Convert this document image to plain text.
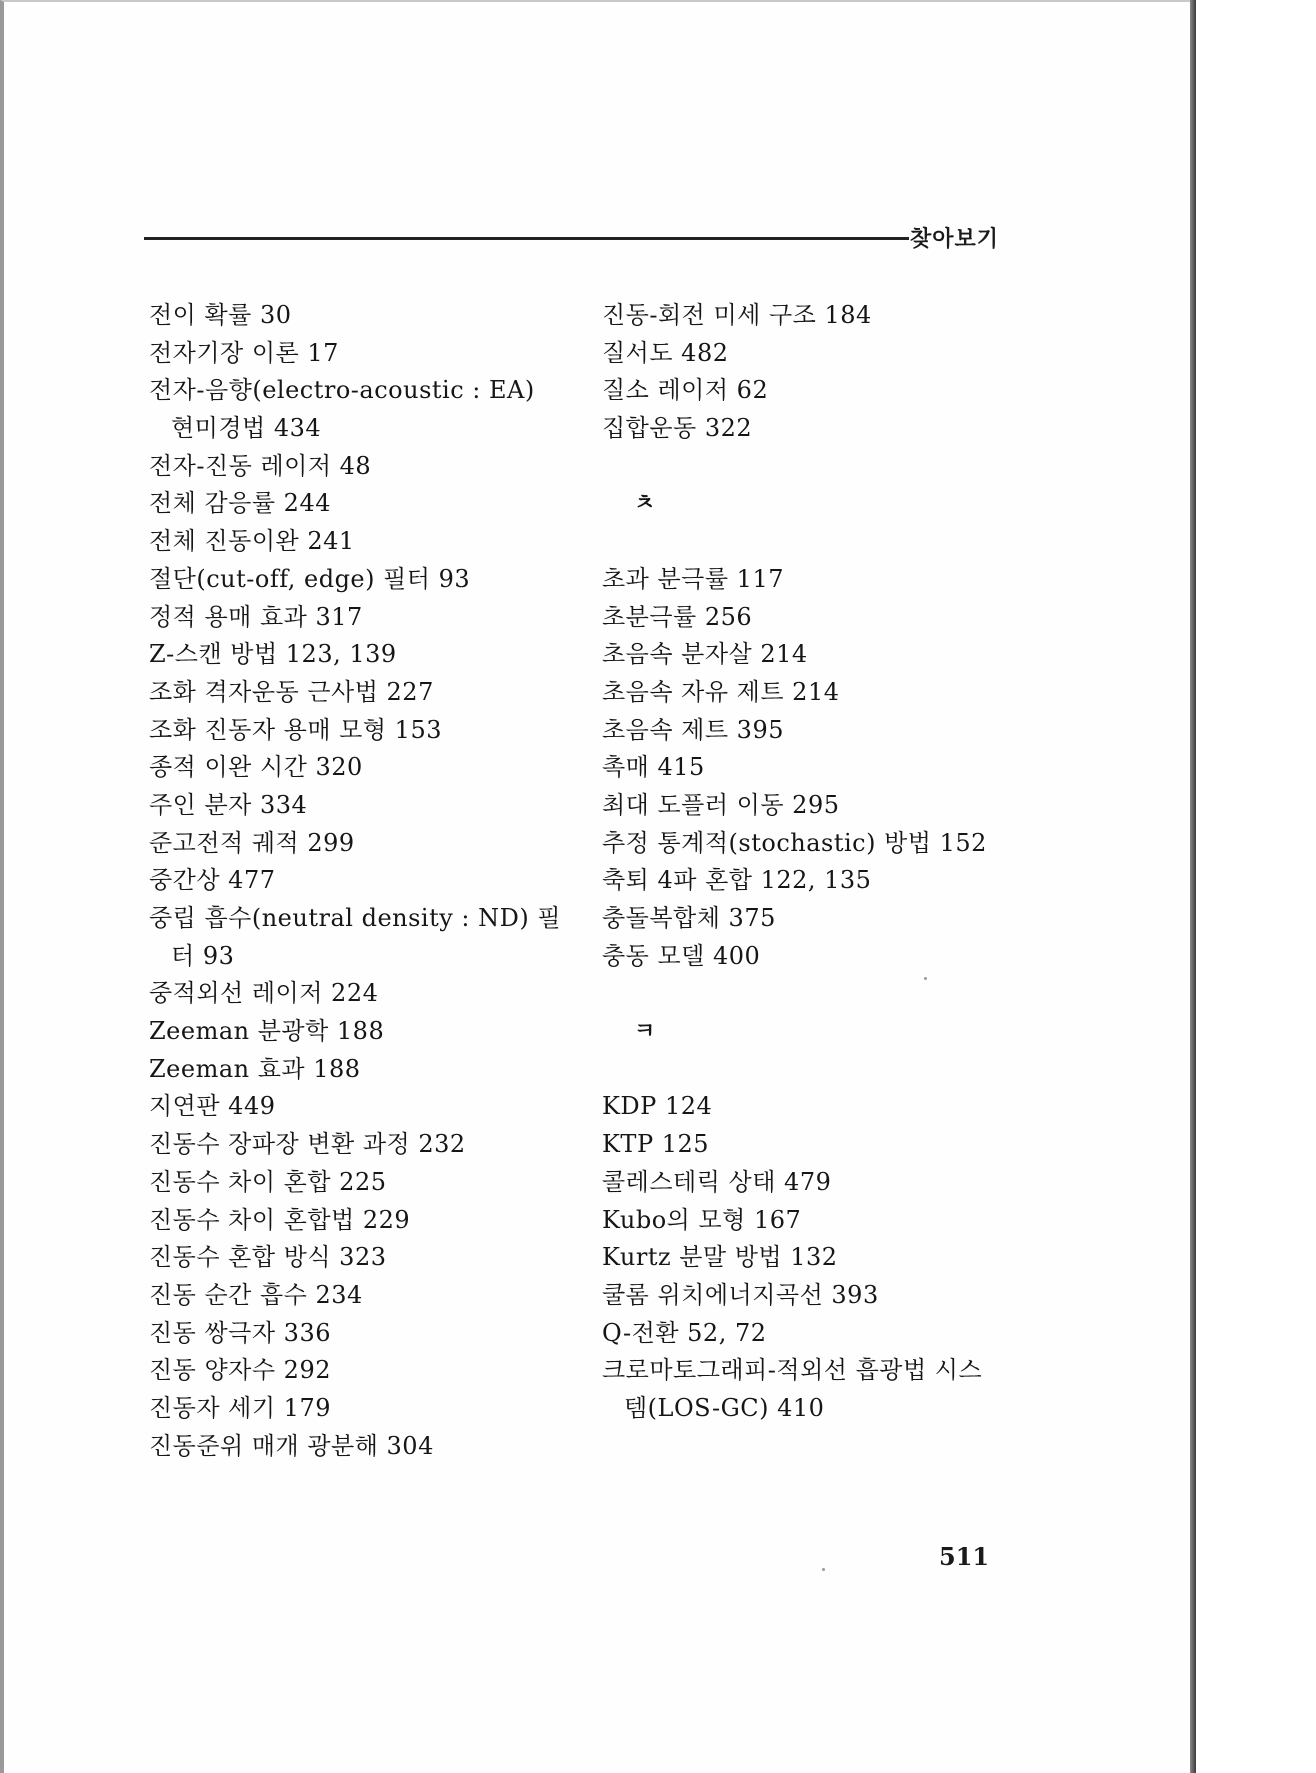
찾아보기
전이 확률 30
전자기장 이론 17
전자-음향(electro-acoustic : EA)
현미경법 434
전자-진동 레이저 48
전체 감응률 244
전체 진동이완 241
절단(cut-off, edge) 필터 93
정적 용매 효과 317
Z-스캔 방법 123, 139
조화 격자운동 근사법 227
조화 진동자 용매 모형 153
종적 이완 시간 320
주인 분자 334
준고전적 궤적 299
중간상 477
중립 흡수(neutral density : ND) 필
터 93
중적외선 레이저 224
Zeeman 분광학 188
Zeeman 효과 188
지연판 449
진동수 장파장 변환 과정 232
진동수 차이 혼합 225
진동수 차이 혼합법 229
진동수 혼합 방식 323
진동 순간 흡수 234
진동 쌍극자 336
진동 양자수 292
진동자 세기 179
진동준위 매개 광분해 304
진동-회전 미세 구조 184
질서도 482
질소 레이저 62
집합운동 322
ㅊ
초과 분극률 117
초분극률 256
초음속 분자살 214
초음속 자유 제트 214
초음속 제트 395
촉매 415
최대 도플러 이동 295
추정 통계적(stochastic) 방법 152
축퇴 4파 혼합 122, 135
충돌복합체 375
충동 모델 400
ㅋ
KDP 124
KTP 125
콜레스테릭 상태 479
Kubo의 모형 167
Kurtz 분말 방법 132
쿨롬 위치에너지곡선 393
Q-전환 52, 72
크로마토그래피-적외선 흡광법 시스
템(LOS-GC) 410
511
